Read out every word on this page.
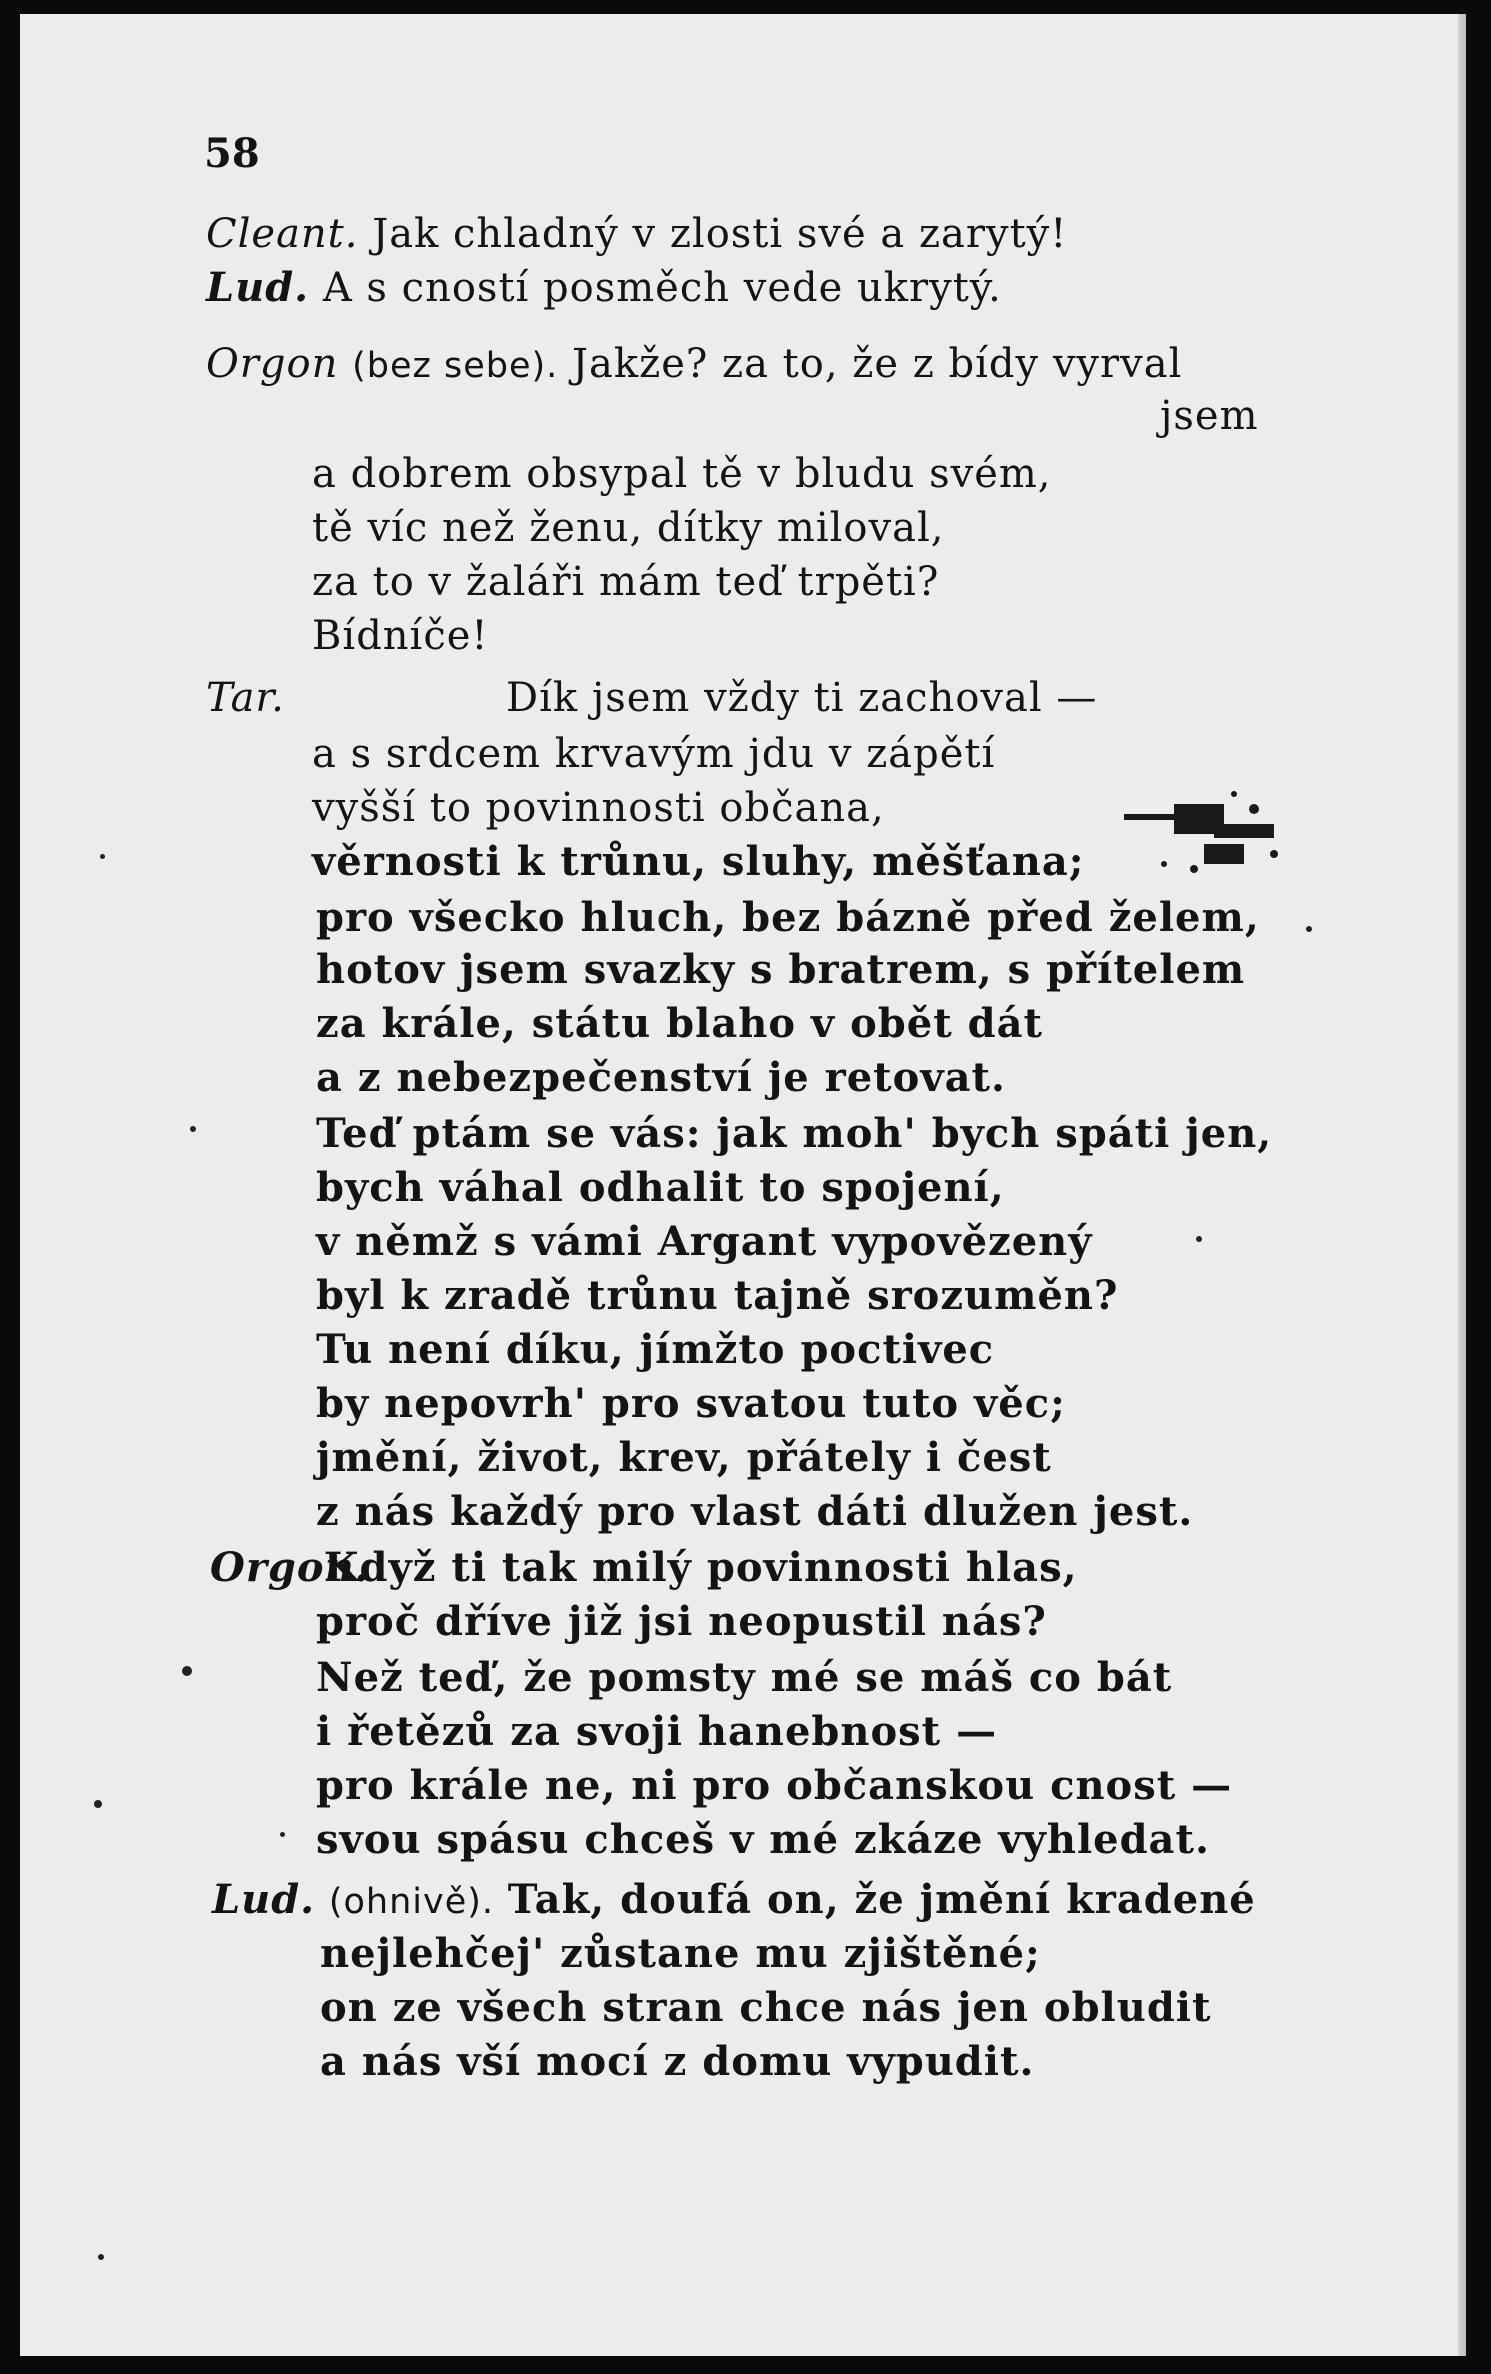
58
Cleant. Jak chladný v zlosti své a zarytý!
Lud. A s cností posměch vede ukrytý.
Orgon (bez sebe). Jakže? za to, že z bídy vyrval
jsem
a dobrem obsypal tě v bludu svém,
tě víc než ženu, dítky miloval,
za to v žaláři mám teď trpěti?
Bídníče!
Tar.	Dík jsem vždy ti zachoval —
a s srdcem krvavým jdu v zápětí
vyšší to povinnosti občana,
věrnosti k trůnu, sluhy, měšťana;
pro všecko hluch, bez bázně před želem,
hotov jsem svazky s bratrem, s přítelem
za krále, státu blaho v obět dát
a z nebezpečenství je retovat.
Teď ptám se vás: jak moh' bych spáti jen,
bych váhal odhalit to spojení,
v němž s vámi Argant vypovězený
byl k zradě trůnu tajně srozuměn?
Tu není díku, jímžto poctivec
by nepovrh' pro svatou tuto věc;
jmění, život, krev, přátely i čest
z nás každý pro vlast dáti dlužen jest.
Orgon. Když ti tak milý povinnosti hlas,
proč dříve již jsi neopustil nás?
Než teď, že pomsty mé se máš co bát
i řetězů za svoji hanebnost —
pro krále ne, ni pro občanskou cnost —
svou spásu chceš v mé zkáze vyhledat.
Lud. (ohnivě). Tak, doufá on, že jmění kradené
nejlehčej' zůstane mu zjištěné;
on ze všech stran chce nás jen obludit
a nás vší mocí z domu vypudit.
